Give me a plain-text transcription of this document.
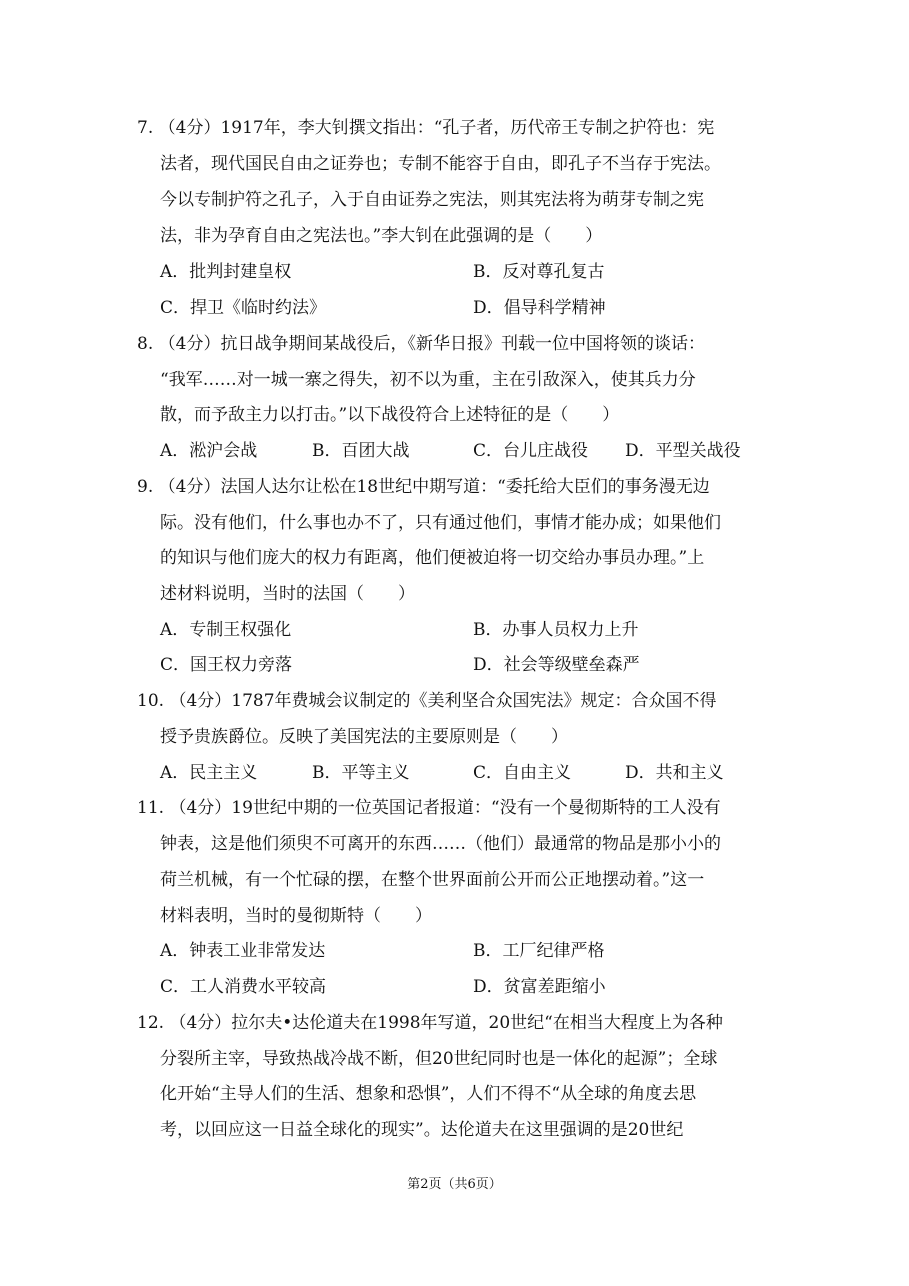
7. （4分）1917年，李大钊撰文指出：“孔子者，历代帝王专制之护符也：宪
法者，现代国民自由之证券也；专制不能容于自由，即孔子不当存于宪法。
今以专制护符之孔子，入于自由证券之宪法，则其宪法将为萌芽专制之宪
法，非为孕育自由之宪法也。”李大钊在此强调的是（　　）
A．批判封建皇权	B．反对尊孔复古
C．捍卫《临时约法》	D．倡导科学精神
8. （4分）抗日战争期间某战役后，《新华日报》刊载一位中国将领的谈话：
“我军……对一城一寨之得失，初不以为重，主在引敌深入，使其兵力分
散，而予敌主力以打击。”以下战役符合上述特征的是（　　）
A．淞沪会战	B．百团大战	C．台儿庄战役 D．平型关战役
9. （4分）法国人达尔让松在18世纪中期写道：“委托给大臣们的事务漫无边
际。没有他们，什么事也办不了，只有通过他们，事情才能办成；如果他们
的知识与他们庞大的权力有距离，他们便被迫将一切交给办事员办理。”上
述材料说明，当时的法国（　　）
A．专制王权强化	B．办事人员权力上升
C．国王权力旁落	D．社会等级壁垒森严
10. （4分）1787年费城会议制定的《美利坚合众国宪法》规定：合众国不得
授予贵族爵位。反映了美国宪法的主要原则是（　　）
A．民主主义	B．平等主义	C．自由主义	D．共和主义
11. （4分）19世纪中期的一位英国记者报道：“没有一个曼彻斯特的工人没有
钟表，这是他们须臾不可离开的东西……（他们）最通常的物品是那小小的
荷兰机械，有一个忙碌的摆，在整个世界面前公开而公正地摆动着。”这一
材料表明，当时的曼彻斯特（　　）
A．钟表工业非常发达	B．工厂纪律严格
C．工人消费水平较高	D．贫富差距缩小
12. （4分）拉尔夫•达伦道夫在1998年写道，20世纪“在相当大程度上为各种
分裂所主宰，导致热战冷战不断，但20世纪同时也是一体化的起源”；全球
化开始“主导人们的生活、想象和恐惧”，人们不得不“从全球的角度去思
考，以回应这一日益全球化的现实”。达伦道夫在这里强调的是20世纪
第2页（共6页）
